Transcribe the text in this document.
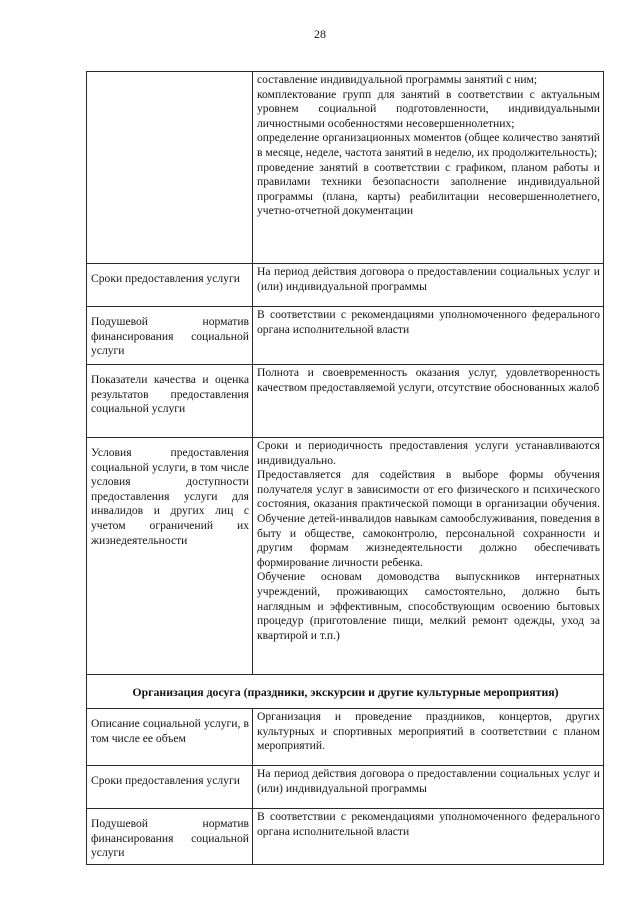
28

	составление индивидуальной программы занятий с ним;

комплектование групп для занятий в соответствии с актуальным уровнем социальной подготовленности, индивидуальными личностными особенностями несовершеннолетних;

определение организационных моментов (общее количество занятий в месяце, неделе, частота занятий в неделю, их продолжительность);

проведение занятий в соответствии с графиком, планом работы и правилами техники безопасности заполнение индивидуальной программы (плана, карты) реабилитации несовершеннолетнего, учетно-отчетной документации

Сроки предоставления услуги	На период действия договора о предоставлении социальных услуг и (или) индивидуальной программы

Подушевой норматив финансирования социальной услуги	В соответствии с рекомендациями уполномоченного федерального органа исполнительной власти

Показатели качества и оценка результатов предоставления социальной услуги	Полнота и своевременность оказания услуг, удовлетворенность качеством предоставляемой услуги, отсутствие обоснованных жалоб

Условия предоставления социальной услуги, в том числе условия доступности предоставления услуги для инвалидов и других лиц с учетом ограничений их жизнедеятельности	Сроки и периодичность предоставления услуги устанавливаются индивидуально.

Предоставляется для содействия в выборе формы обучения получателя услуг в зависимости от его физического и психического состояния, оказания практической помощи в организации обучения. Обучение детей-инвалидов навыкам самообслуживания, поведения в быту и обществе, самоконтролю, персональной сохранности и другим формам жизнедеятельности должно обеспечивать формирование личности ребенка.

Обучение основам домоводства выпускников интернатных учреждений, проживающих самостоятельно, должно быть наглядным и эффективным, способствующим освоению бытовых процедур (приготовление пищи, мелкий ремонт одежды, уход за квартирой и т.п.)

Организация досуга (праздники, экскурсии и другие культурные мероприятия)	

Описание социальной услуги, в том числе ее объем	Организация и проведение праздников, концертов, других культурных и спортивных мероприятий в соответствии с планом мероприятий.

Сроки предоставления услуги	На период действия договора о предоставлении социальных услуг и (или) индивидуальной программы

Подушевой норматив финансирования социальной услуги	В соответствии с рекомендациями уполномоченного федерального органа исполнительной власти
